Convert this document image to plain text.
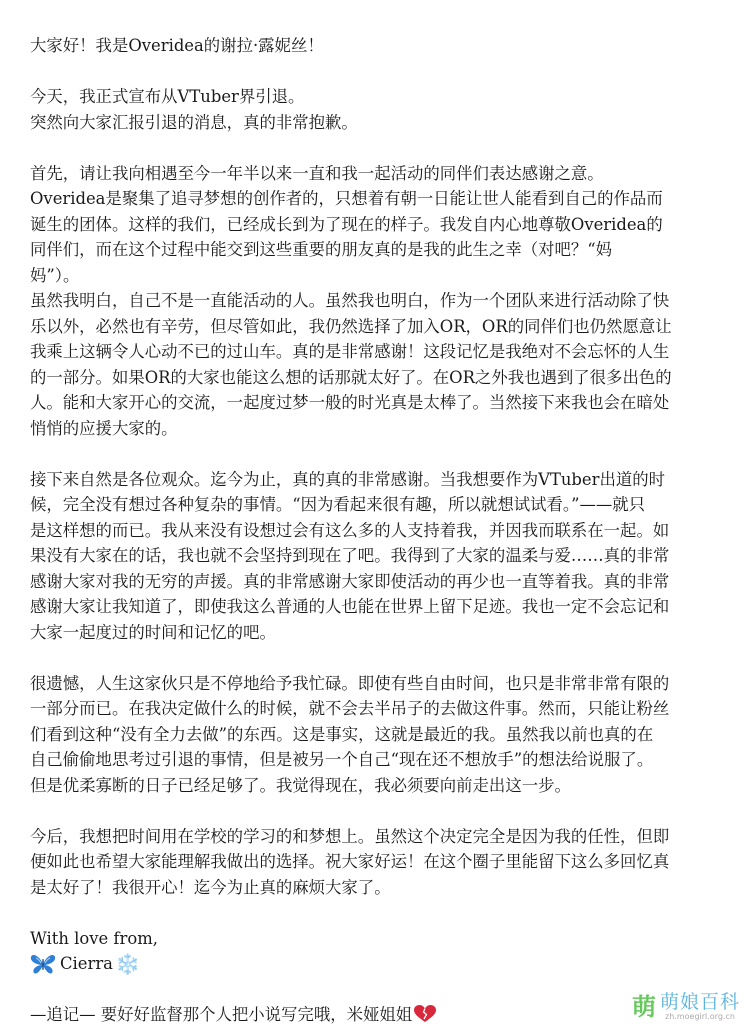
大家好！我是Overidea的谢拉·露妮丝！

今天，我正式宣布从VTuber界引退。

突然向大家汇报引退的消息，真的非常抱歉。

首先，请让我向相遇至今一年半以来一直和我一起活动的同伴们表达感谢之意。

Overidea是聚集了追寻梦想的创作者的，只想着有朝一日能让世人能看到自己的作品而

诞生的团体。这样的我们，已经成长到为了现在的样子。我发自内心地尊敬Overidea的

同伴们，而在这个过程中能交到这些重要的朋友真的是我的此生之幸（对吧？“妈

妈”）。

虽然我明白，自己不是一直能活动的人。虽然我也明白，作为一个团队来进行活动除了快

乐以外，必然也有辛劳，但尽管如此，我仍然选择了加入OR，OR的同伴们也仍然愿意让

我乘上这辆令人心动不已的过山车。真的是非常感谢！这段记忆是我绝对不会忘怀的人生

的一部分。如果OR的大家也能这么想的话那就太好了。在OR之外我也遇到了很多出色的

人。能和大家开心的交流，一起度过梦一般的时光真是太棒了。当然接下来我也会在暗处

悄悄的应援大家的。

接下来自然是各位观众。迄今为止，真的真的非常感谢。当我想要作为VTuber出道的时

候，完全没有想过各种复杂的事情。“因为看起来很有趣，所以就想试试看。”——就只

是这样想的而已。我从来没有设想过会有这么多的人支持着我，并因我而联系在一起。如

果没有大家在的话，我也就不会坚持到现在了吧。我得到了大家的温柔与爱……真的非常

感谢大家对我的无穷的声援。真的非常感谢大家即使活动的再少也一直等着我。真的非常

感谢大家让我知道了，即使我这么普通的人也能在世界上留下足迹。我也一定不会忘记和

大家一起度过的时间和记忆的吧。

很遗憾，人生这家伙只是不停地给予我忙碌。即使有些自由时间，也只是非常非常有限的

一部分而已。在我决定做什么的时候，就不会去半吊子的去做这件事。然而，只能让粉丝

们看到这种“没有全力去做”的东西。这是事实，这就是最近的我。虽然我以前也真的在

自己偷偷地思考过引退的事情，但是被另一个自己“现在还不想放手”的想法给说服了。

但是优柔寡断的日子已经足够了。我觉得现在，我必须要向前走出这一步。

今后，我想把时间用在学校的学习的和梦想上。虽然这个决定完全是因为我的任性，但即

便如此也希望大家能理解我做出的选择。祝大家好运！在这个圈子里能留下这么多回忆真

是太好了！我很开心！迄今为止真的麻烦大家了。

With love from,

Cierra ❄️

—追记— 要好好监督那个人把小说写完哦，米娅姐姐	萌 萌娘百科
zh.moegirl.org.cn
